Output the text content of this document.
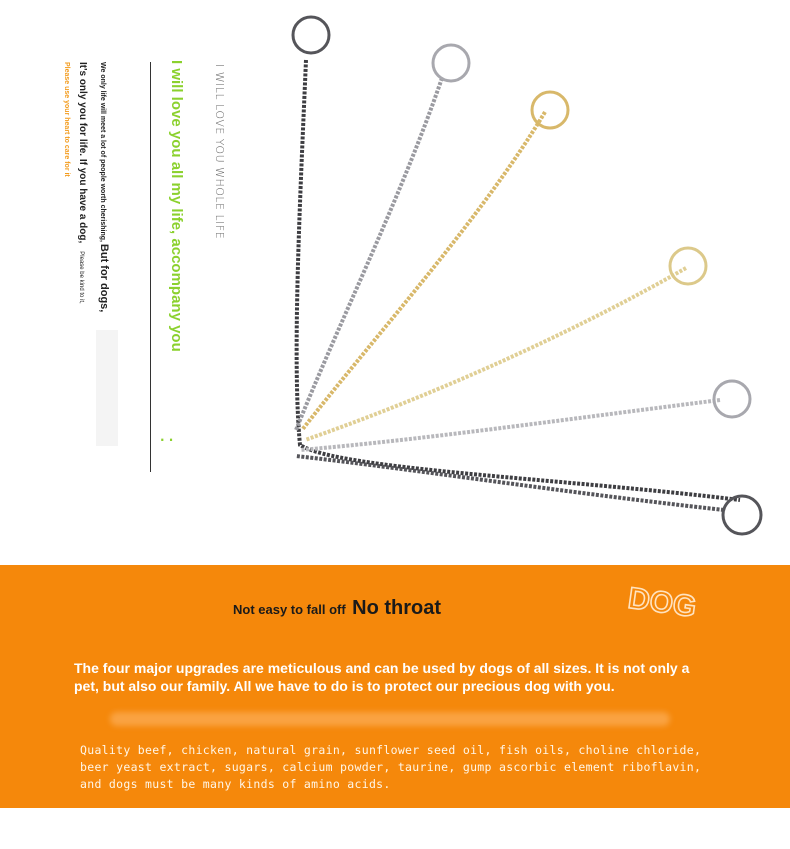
I WILL LOVE YOU WHOLE LIFE
I will love you all my life, accompany you
. .
We only life will meet a lot of people worth cherishing, But for dogs,
It's only you for life. If you have a dog,Please be kind to it,
Please use your heart to care for it
DOG
Not easy to fall off No throat

The four major upgrades are meticulous and can be used by dogs of all sizes. It is not only a pet, but also our family. All we have to do is to protect our precious dog with you.

Quality beef, chicken, natural grain, sunflower seed oil, fish oils, choline chloride, beer yeast extract, sugars, calcium powder, taurine, gump ascorbic element riboflavin, and dogs must be many kinds of amino acids.
